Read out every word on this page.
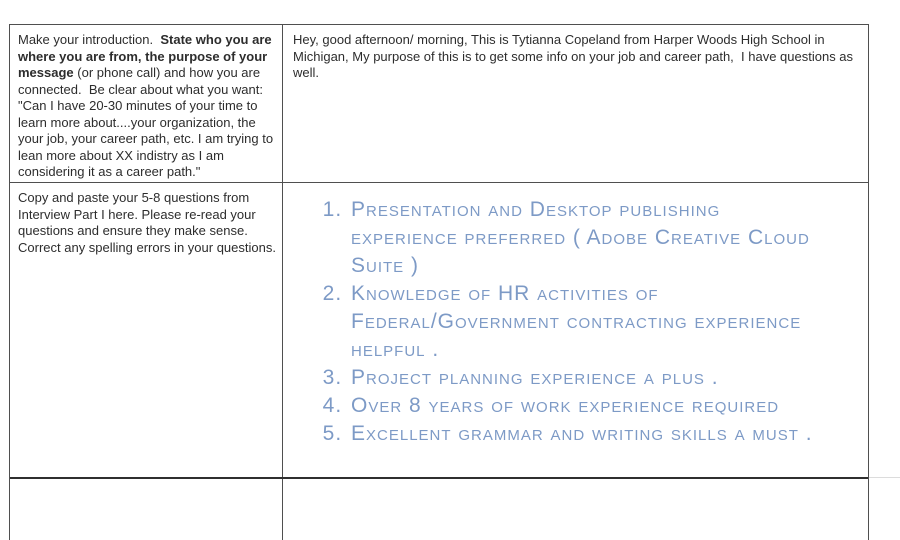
Make your introduction.  State who you are where you are from, the purpose of your message (or phone call) and how you are connected.  Be clear about what you want: "Can I have 20-30 minutes of your time to learn more about....your organization, the your job, your career path, etc. I am trying to lean more about XX indistry as I am considering it as a career path."

Hey, good afternoon/ morning, This is Tytianna Copeland from Harper Woods High School in Michigan, My purpose of this is to get some info on your job and career path,  I have questions as well.

Copy and paste your 5-8 questions from Interview Part I here. Please re-read your questions and ensure they make sense. Correct any spelling errors in your questions.

1. Presentation and Desktop publishing experience preferred ( Adobe Creative Cloud Suite )
2. Knowledge of HR activities of Federal/Government contracting experience helpful .
3. Project planning experience a plus .
4. Over 8 years of work experience required
5. Excellent grammar and writing skills a must .
